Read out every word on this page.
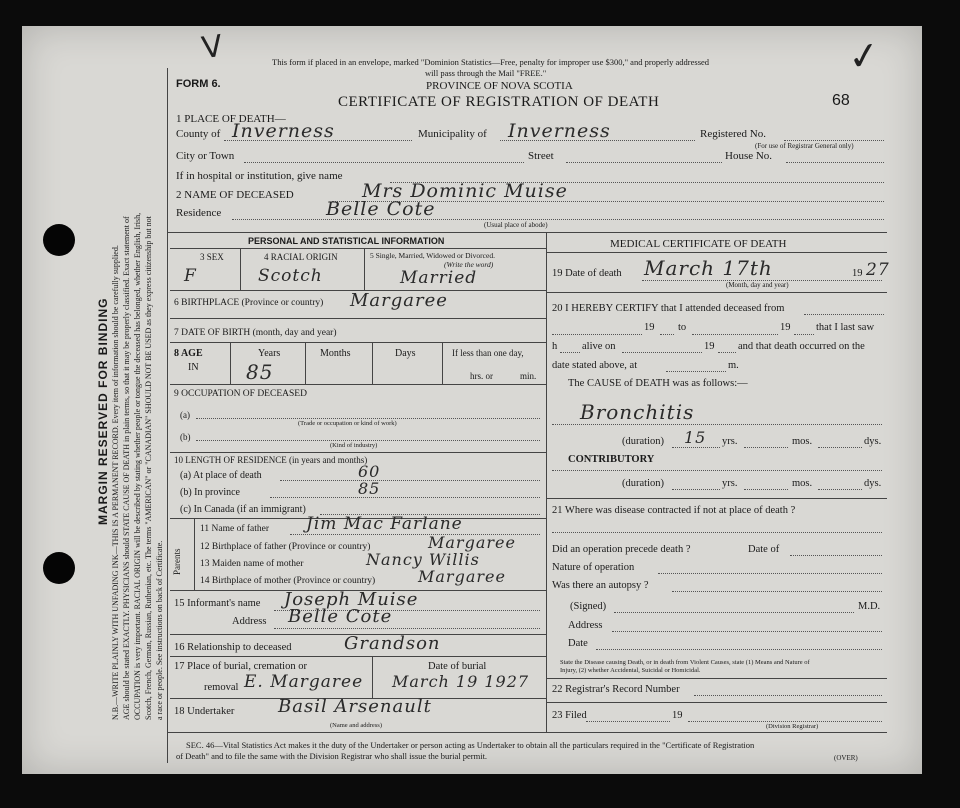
V	✓
MARGIN RESERVED FOR BINDING N.B.—WRITE PLAINLY WITH UNFADING INK—THIS IS A PERMANENT RECORD. Every item of information should be carefully supplied. AGE should be stated EXACTLY. PHYSICIANS should STATE CAUSE OF DEATH in plain terms, so that it may be properly classified. Exact statement of OCCUPATION is very important. RACIAL ORIGIN will be described by stating whether people or tongue the deceased has belonged, whether English, Irish, Scotch, French, German, Russian, Ruthenian, etc. The terms "AMERICAN" or "CANADIAN" SHOULD NOT BE USED as they express citizenship but not a race or people. See instructions on back of Certificate.
This form if placed in an envelope, marked "Dominion Statistics—Free, penalty for improper use $300," and properly addressed
will pass through the Mail "FREE."
PROVINCE OF NOVA SCOTIA
FORM 6.
CERTIFICATE OF REGISTRATION OF DEATH	68
1 PLACE OF DEATH—
County of Inverness	Municipality of Inverness	Registered No.
(For use of Registrar General only)
City or Town	Street	House No.
If in hospital or institution, give name
2 NAME OF DECEASED	Mrs Dominic Muise
Residence	Belle Cote
(Usual place of abode)
PERSONAL AND STATISTICAL INFORMATION
3 SEX
F
4 RACIAL ORIGIN
Scotch
5 Single, Married, Widowed or Divorced.
(Write the word)
Married
6 BIRTHPLACE (Province or country) Margaree
7 DATE OF BIRTH (month, day and year)
8 AGE
IN
Years
85
Months	Days	If less than one day,
hrs. or	min.
9 OCCUPATION OF DECEASED
(a)
(Trade or occupation or kind of work)
(b)
(Kind of industry)
10 LENGTH OF RESIDENCE (in years and months)
(a) At place of death	60
(b) In province	85
(c) In Canada (if an immigrant)
Parents
11 Name of father Jim Mac Farlane
12 Birthplace of father (Province or country)	Margaree
13 Maiden name of mother	Nancy Willis
14 Birthplace of mother (Province or country)	Margaree
15 Informant's name Joseph Muise
Address Belle Cote
16 Relationship to deceased	Grandson
17 Place of burial, cremation or	Date of burial
removal E. Margaree March 19 1927
18 Undertaker Basil Arsenault
(Name and address)
MEDICAL CERTIFICATE OF DEATH
19 Date of death March 17th	19 27
(Month, day and year)
20 I HEREBY CERTIFY that I attended deceased from
19 to	19 that I last saw
h alive on	19 and that death occurred on the
date stated above, at	m.
The CAUSE of DEATH was as follows:—
Bronchitis
(duration) 15 yrs.	mos.	dys.
CONTRIBUTORY
(duration)	yrs.	mos.	dys.
21 Where was disease contracted if not at place of death ?
Did an operation precede death ?	Date of
Nature of operation
Was there an autopsy ?
(Signed)	M.D.
Address
Date
State the Disease causing Death, or in death from Violent Causes, state (1) Means and Nature of
Injury, (2) whether Accidental, Suicidal or Homicidal.
22 Registrar's Record Number
23 Filed	19
(Division Registrar)
SEC. 46—Vital Statistics Act makes it the duty of the Undertaker or person acting as Undertaker to obtain all the particulars required in the "Certificate of Registration
of Death" and to file the same with the Division Registrar who shall issue the burial permit.	(OVER)
